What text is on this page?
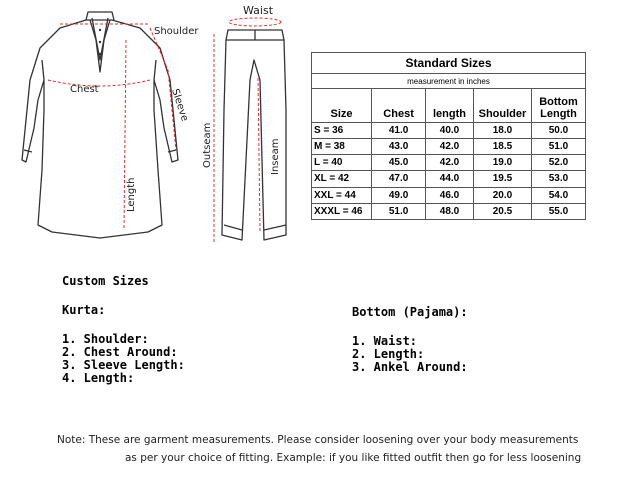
Shoulder
Chest	Sleeve
Length
Waist
Outseam	Inseam
Standard Sizes				
measurement in inches				
Size	Chest	length	Shoulder	Bottom
Length
S = 36	41.0	40.0	18.0	50.0
M = 38	43.0	42.0	18.5	51.0
L = 40	45.0	42.0	19.0	52.0
XL = 42	47.0	44.0	19.5	53.0
XXL = 44	49.0	46.0	20.0	54.0
XXXL = 46	51.0	48.0	20.5	55.0
Custom Sizes
Kurta:
1. Shoulder:
2. Chest Around:
3. Sleeve Length:
4. Length:
Bottom (Pajama):
1. Waist:
2. Length:
3. Ankel Around:
Note: These are garment measurements. Please consider loosening over your body measurements
as per your choice of fitting. Example: if you like fitted outfit then go for less loosening
